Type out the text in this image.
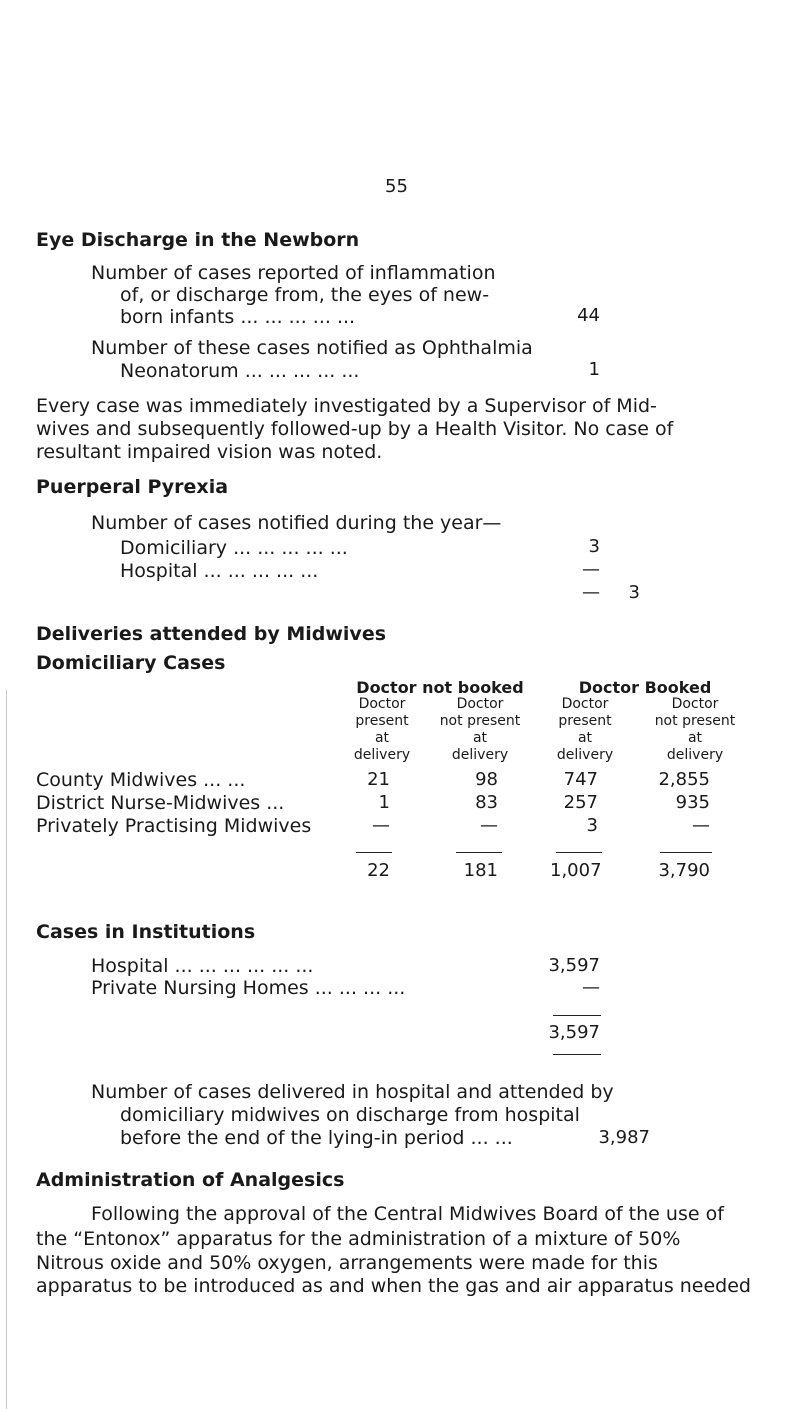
55
Eye Discharge in the Newborn
Number of cases reported of inflammation
of, or discharge from, the eyes of new-
born infants ... ... ... ... ...	44
Number of these cases notified as Ophthalmia
Neonatorum ... ... ... ... ...	1
Every case was immediately investigated by a Supervisor of Mid-
wives and subsequently followed-up by a Health Visitor. No case of
resultant impaired vision was noted.
Puerperal Pyrexia
Number of cases notified during the year—
Domiciliary ... ... ... ... ...	3
Hospital ... ... ... ... ...	—
—	3
Deliveries attended by Midwives
Domiciliary Cases
Doctor not booked	Doctor Booked
Doctor
present
at
delivery
Doctor
not present
at
delivery
Doctor
present
at
delivery
Doctor
not present
at
delivery
County Midwives ... ...	21	98	747	2,855
District Nurse-Midwives ...	1	83	257	935
Privately Practising Midwives	—	—	3	—
22	181	1,007	3,790
Cases in Institutions
Hospital ... ... ... ... ... ...	3,597
Private Nursing Homes ... ... ... ...	—
3,597
Number of cases delivered in hospital and attended by
domiciliary midwives on discharge from hospital
before the end of the lying-in period ... ...	3,987
Administration of Analgesics
Following the approval of the Central Midwives Board of the use of
the “Entonox” apparatus for the administration of a mixture of 50%
Nitrous oxide and 50% oxygen, arrangements were made for this
apparatus to be introduced as and when the gas and air apparatus needed
